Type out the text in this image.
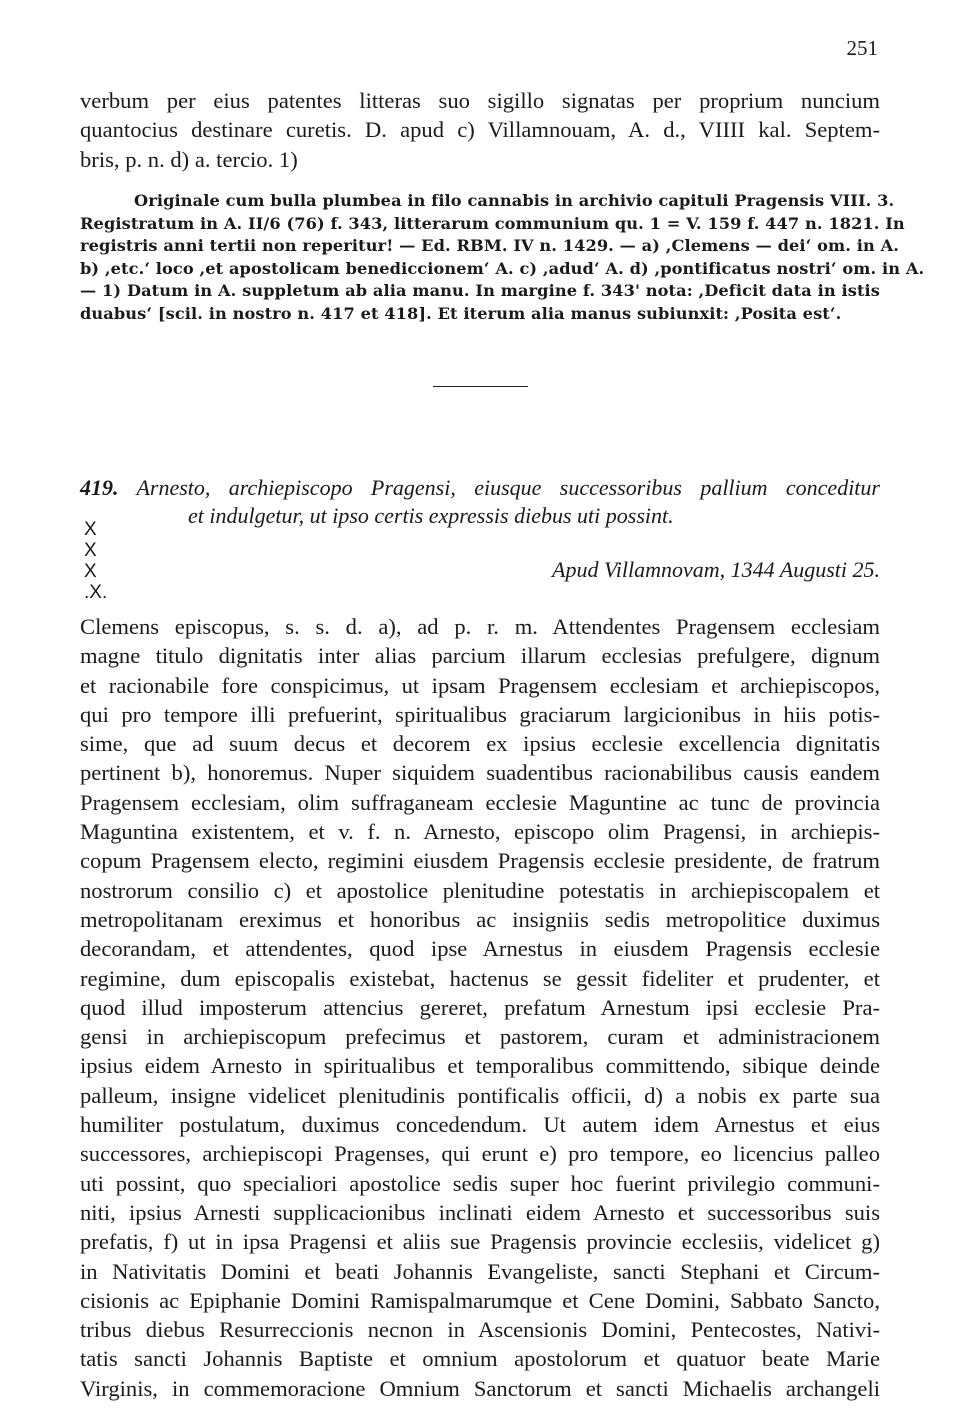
251
verbum per eius patentes litteras suo sigillo signatas per proprium nuncium
quantocius destinare curetis. D. apud c) Villamnouam, A. d., VIIII kal. Septem-
bris, p. n. d) a. tercio. 1)
Originale cum bulla plumbea in filo cannabis in archivio capituli Pragensis VIII. 3.
Registratum in A. II/6 (76) f. 343, litterarum communium qu. 1 = V. 159 f. 447 n. 1821. In
registris anni tertii non reperitur! — Ed. RBM. IV n. 1429. — a) ,Clemens — dei‘ om. in A.
b) ,etc.‘ loco ,et apostolicam benediccionem‘ A. c) ,adud‘ A. d) ,pontificatus nostri‘ om. in A.
— 1) Datum in A. suppletum ab alia manu. In margine f. 343' nota: ,Deficit data in istis
duabus‘ [scil. in nostro n. 417 et 418]. Et iterum alia manus subiunxit: ,Posita est‘.
419. Arnesto, archiepiscopo Pragensi, eiusque successoribus pallium conceditur
et indulgetur, ut ipso certis expressis diebus uti possint.
X
X
X
.X.
Apud Villamnovam, 1344 Augusti 25.
Clemens episcopus, s. s. d. a), ad p. r. m. Attendentes Pragensem ecclesiam
magne titulo dignitatis inter alias parcium illarum ecclesias prefulgere, dignum
et racionabile fore conspicimus, ut ipsam Pragensem ecclesiam et archiepiscopos,
qui pro tempore illi prefuerint, spiritualibus graciarum largicionibus in hiis potis-
sime, que ad suum decus et decorem ex ipsius ecclesie excellencia dignitatis
pertinent b), honoremus. Nuper siquidem suadentibus racionabilibus causis eandem
Pragensem ecclesiam, olim suffraganeam ecclesie Maguntine ac tunc de provincia
Maguntina existentem, et v. f. n. Arnesto, episcopo olim Pragensi, in archiepis-
copum Pragensem electo, regimini eiusdem Pragensis ecclesie presidente, de fratrum
nostrorum consilio c) et apostolice plenitudine potestatis in archiepiscopalem et
metropolitanam ereximus et honoribus ac insigniis sedis metropolitice duximus
decorandam, et attendentes, quod ipse Arnestus in eiusdem Pragensis ecclesie
regimine, dum episcopalis existebat, hactenus se gessit fideliter et prudenter, et
quod illud imposterum attencius gereret, prefatum Arnestum ipsi ecclesie Pra-
gensi in archiepiscopum prefecimus et pastorem, curam et administracionem
ipsius eidem Arnesto in spiritualibus et temporalibus committendo, sibique deinde
palleum, insigne videlicet plenitudinis pontificalis officii, d) a nobis ex parte sua
humiliter postulatum, duximus concedendum. Ut autem idem Arnestus et eius
successores, archiepiscopi Pragenses, qui erunt e) pro tempore, eo licencius palleo
uti possint, quo specialiori apostolice sedis super hoc fuerint privilegio communi-
niti, ipsius Arnesti supplicacionibus inclinati eidem Arnesto et successoribus suis
prefatis, f) ut in ipsa Pragensi et aliis sue Pragensis provincie ecclesiis, videlicet g)
in Nativitatis Domini et beati Johannis Evangeliste, sancti Stephani et Circum-
cisionis ac Epiphanie Domini Ramispalmarumque et Cene Domini, Sabbato Sancto,
tribus diebus Resurreccionis necnon in Ascensionis Domini, Pentecostes, Nativi-
tatis sancti Johannis Baptiste et omnium apostolorum et quatuor beate Marie
Virginis, in commemoracione Omnium Sanctorum et sancti Michaelis archangeli
